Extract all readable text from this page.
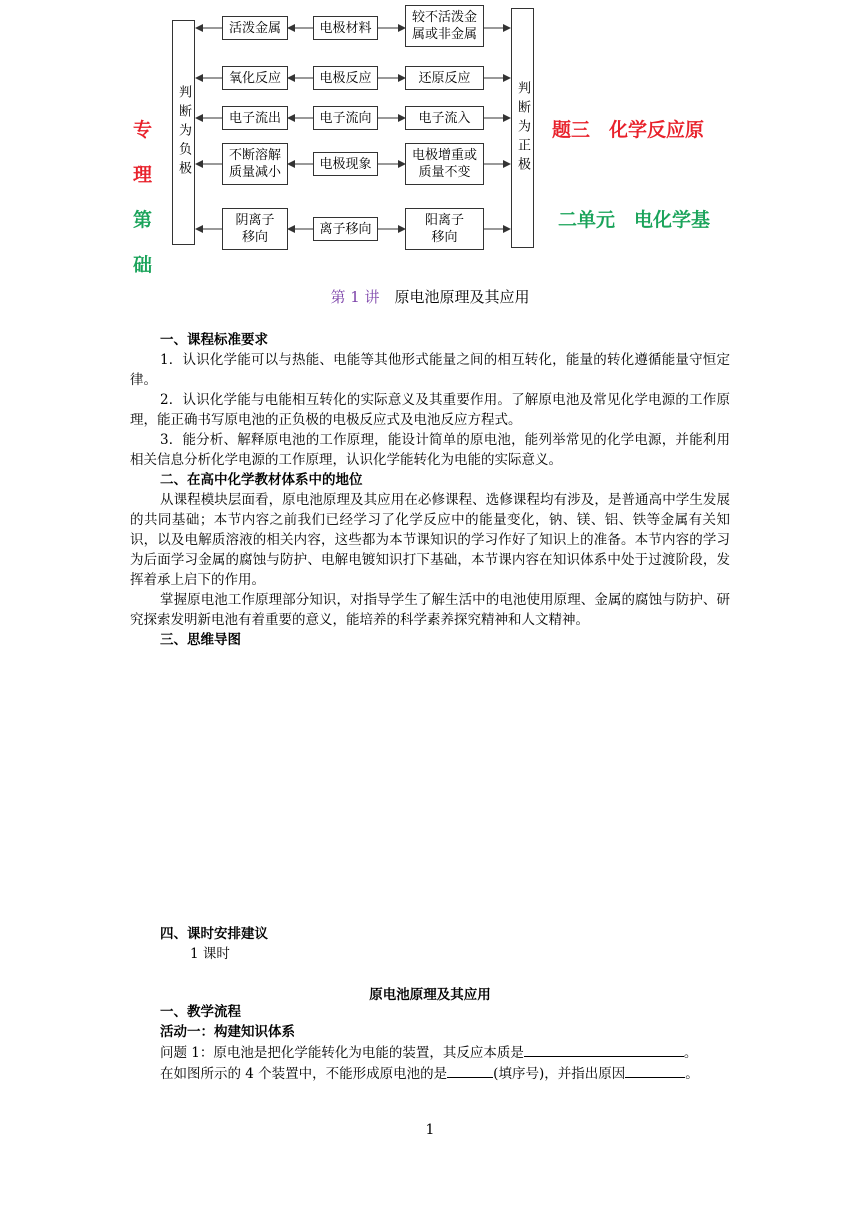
判断为负极	判断为正极
活泼金属	电极材料
较不活泼金
属或非金属
氧化反应	电极反应	还原反应
电子流出	电子流向	电子流入
不断溶解
质量减小
电极现象
电极增重或
质量不变
阴离子
移向
离子移向
阳离子
移向
专
理
第
础
题三　化学反应原
二单元　电化学基
第 1 讲　原电池原理及其应用
一、课程标准要求
1．认识化学能可以与热能、电能等其他形式能量之间的相互转化，能量的转化遵循能量守恒定律。
2．认识化学能与电能相互转化的实际意义及其重要作用。了解原电池及常见化学电源的工作原理，能正确书写原电池的正负极的电极反应式及电池反应方程式。
3．能分析、解释原电池的工作原理，能设计简单的原电池，能列举常见的化学电源，并能利用相关信息分析化学电源的工作原理，认识化学能转化为电能的实际意义。
二、在高中化学教材体系中的地位
从课程模块层面看，原电池原理及其应用在必修课程、选修课程均有涉及，是普通高中学生发展的共同基础；本节内容之前我们已经学习了化学反应中的能量变化，钠、镁、铝、铁等金属有关知识，以及电解质溶液的相关内容，这些都为本节课知识的学习作好了知识上的准备。本节内容的学习为后面学习金属的腐蚀与防护、电解电镀知识打下基础，本节课内容在知识体系中处于过渡阶段，发挥着承上启下的作用。
掌握原电池工作原理部分知识，对指导学生了解生活中的电池使用原理、金属的腐蚀与防护、研究探索发明新电池有着重要的意义，能培养的科学素养探究精神和人文精神。
三、思维导图
四、课时安排建议
1 课时
原电池原理及其应用
一、教学流程
活动一：构建知识体系
问题 1：原电池是把化学能转化为电能的装置，其反应本质是	。
在如图所示的 4 个装置中，不能形成原电池的是	(填序号)，并指出原因	。
1
